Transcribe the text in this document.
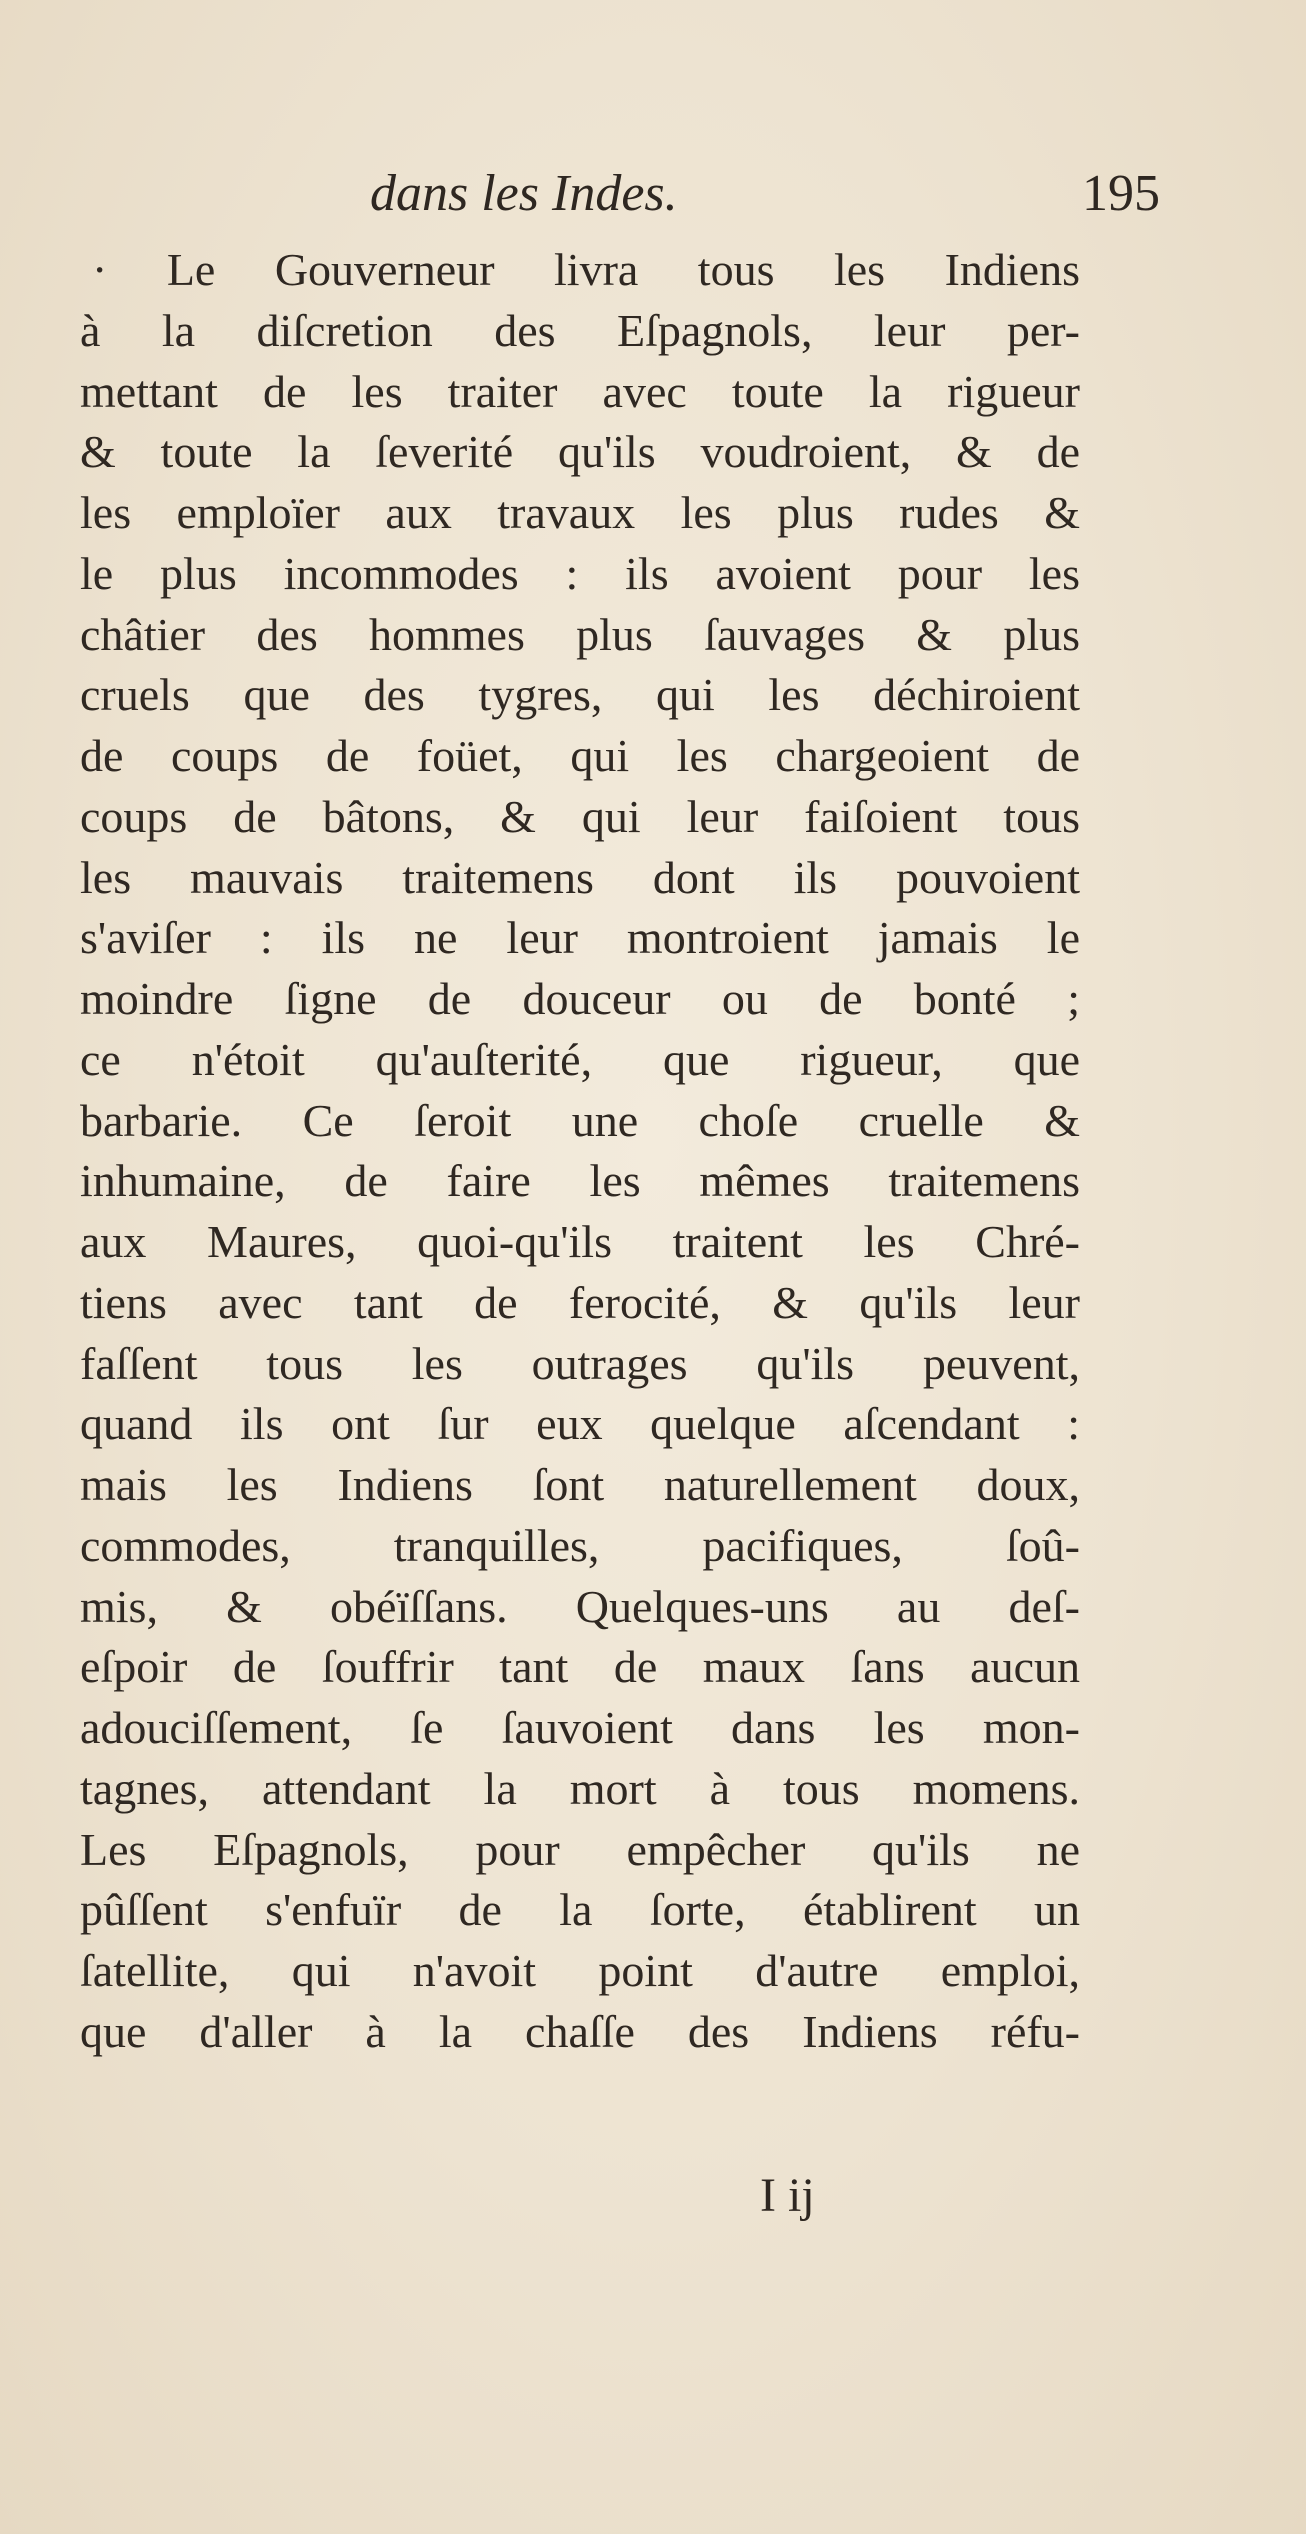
dans les Indes.	195
· Le Gouverneur livra tous les Indiens
à la diſcretion des Eſpagnols, leur per-
mettant de les traiter avec toute la rigueur
& toute la ſeverité qu'ils voudroient, & de
les emploïer aux travaux les plus rudes &
le plus incommodes : ils avoient pour les
châtier des hommes plus ſauvages & plus
cruels que des tygres, qui les déchiroient
de coups de foüet, qui les chargeoient de
coups de bâtons, & qui leur faiſoient tous
les mauvais traitemens dont ils pouvoient
s'aviſer : ils ne leur montroient jamais le
moindre ſigne de douceur ou de bonté ;
ce n'étoit qu'auſterité, que rigueur, que
barbarie. Ce ſeroit une choſe cruelle &
inhumaine, de faire les mêmes traitemens
aux Maures, quoi-qu'ils traitent les Chré-
tiens avec tant de ferocité, & qu'ils leur
faſſent tous les outrages qu'ils peuvent,
quand ils ont ſur eux quelque aſcendant :
mais les Indiens ſont naturellement doux,
commodes, tranquilles, pacifiques, ſoû-
mis, & obéïſſans. Quelques-uns au deſ-
eſpoir de ſouffrir tant de maux ſans aucun
adouciſſement, ſe ſauvoient dans les mon-
tagnes, attendant la mort à tous momens.
Les Eſpagnols, pour empêcher qu'ils ne
pûſſent s'enfuïr de la ſorte, établirent un
ſatellite, qui n'avoit point d'autre emploi,
que d'aller à la chaſſe des Indiens réfu-
I ij
